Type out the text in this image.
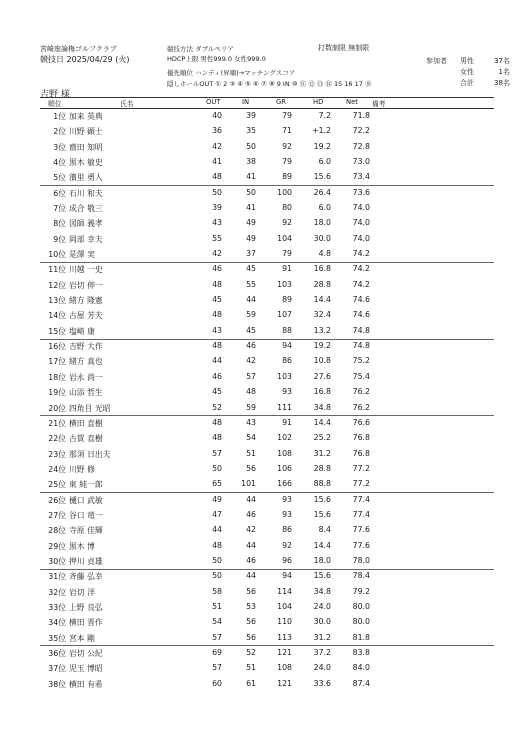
宮崎座論梅ゴルフクラブ
競技日 2025/04/29 (火)
競技方法 ダブルペリア
HDCP上限 男性999.0 女性999.0
優先順位 ハンディ(昇順)→マッチングスコア
隠しホールOUT ① 2 ③ ④ ⑤ ⑥ ⑦ ⑧ 9 IN ⑩ ⑪ ⑫ ⑬ ⑭ 15 16 17 ⑱
打数制限 無制限
参加者	男性	37名
女性	1名
合計	38名
吉野 様
順位	氏名	OUT	IN	GR	HD	Net 備考
1位 加来 英典	40	39	79	7.2	71.8
2位 川野 顕士	36	35	71	+1.2	72.2
3位 齋田 知明	42	50	92	19.2	72.8
4位 黒木 敏史	41	38	79	6.0	73.0
5位 濱里 勇人	48	41	89	15.6	73.4
6位 石川 和夫	50	50	100	26.4	73.6
7位 成合 敬三	39	41	80	6.0	74.0
8位 図師 義孝	43	49	92	18.0	74.0
9位 岡部 幸夫	55	49	104	30.0	74.0
10位 是澤 実	42	37	79	4.8	74.2
11位 川越 一史	46	45	91	16.8	74.2
12位 岩切 伸一	48	55	103	28.8	74.2
13位 緒方 隆憲	45	44	89	14.4	74.6
14位 古屋 芳夫	48	59	107	32.4	74.6
15位 塩崎 康	43	45	88	13.2	74.8
16位 吉野 大作	48	46	94	19.2	74.8
17位 緒方 真也	44	42	86	10.8	75.2
18位 岩永 尚一	46	57	103	27.6	75.4
19位 山添 哲生	45	48	93	16.8	76.2
20位 四角目 光昭	52	59	111	34.8	76.2
21位 横田 直樹	48	43	91	14.4	76.6
22位 古賀 直樹	48	54	102	25.2	76.8
23位 那須 日出夫	57	51	108	31.2	76.8
24位 川野 修	50	56	106	28.8	77.2
25位 東 純一郎	65	101	166	88.8	77.2
26位 樋口 武敏	49	44	93	15.6	77.4
27位 谷口 竜一	47	46	93	15.6	77.4
28位 寺原 佳輝	44	42	86	8.4	77.6
29位 黒木 博	48	44	92	14.4	77.6
30位 押川 貞雄	50	46	96	18.0	78.0
31位 斉藤 弘幸	50	44	94	15.6	78.4
32位 岩切 洋	58	56	114	34.8	79.2
33位 上野 良弘	51	53	104	24.0	80.0
34位 横田 晋作	54	56	110	30.0	80.0
35位 宮本 剛	57	56	113	31.2	81.8
36位 岩切 公紀	69	52	121	37.2	83.8
37位 児玉 博昭	57	51	108	24.0	84.0
38位 横田 有希	60	61	121	33.6	87.4
